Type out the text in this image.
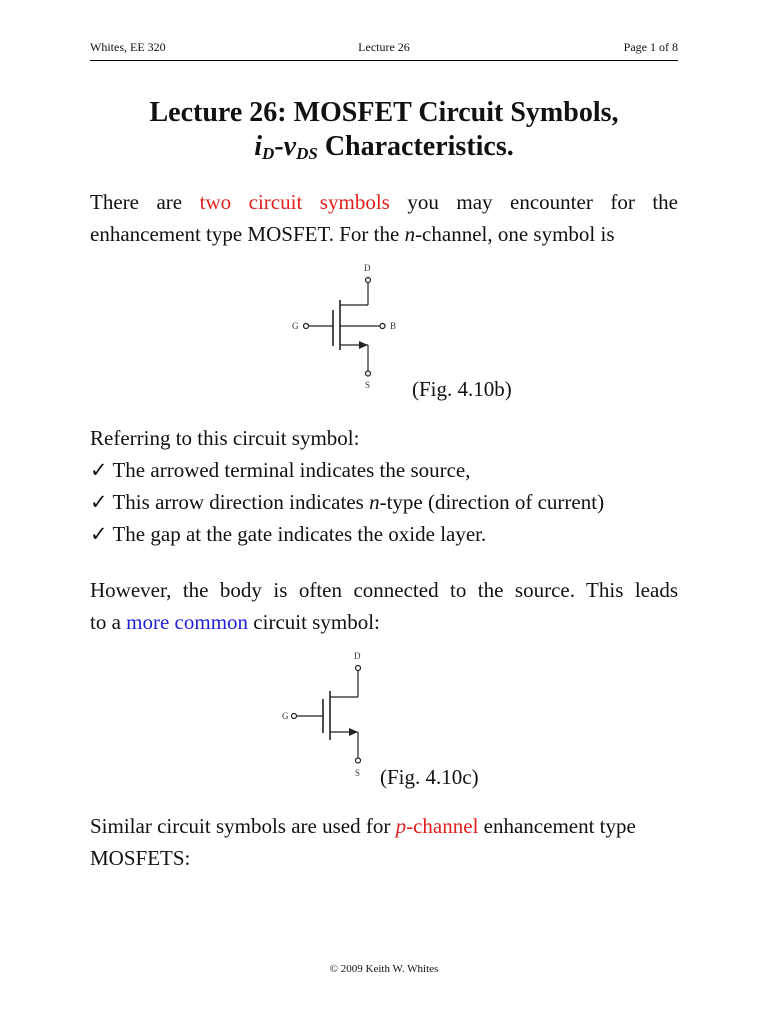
Whites, EE 320	Lecture 26	Page 1 of 8
Lecture 26: MOSFET Circuit Symbols,
$i_D-v_{DS}$ Characteristics.
There are two circuit symbols you may encounter for the
enhancement type MOSFET. For the n-channel, one symbol is
D
G	B
S (Fig. 4.10b)
Referring to this circuit symbol:
✓ The arrowed terminal indicates the source,
✓ This arrow direction indicates n-type (direction of current)
✓ The gap at the gate indicates the oxide layer.
However, the body is often connected to the source. This leads
to a more common circuit symbol:
D
G
S (Fig. 4.10c)
Similar circuit symbols are used for p-channel enhancement type
MOSFETS:
© 2009 Keith W. Whites
